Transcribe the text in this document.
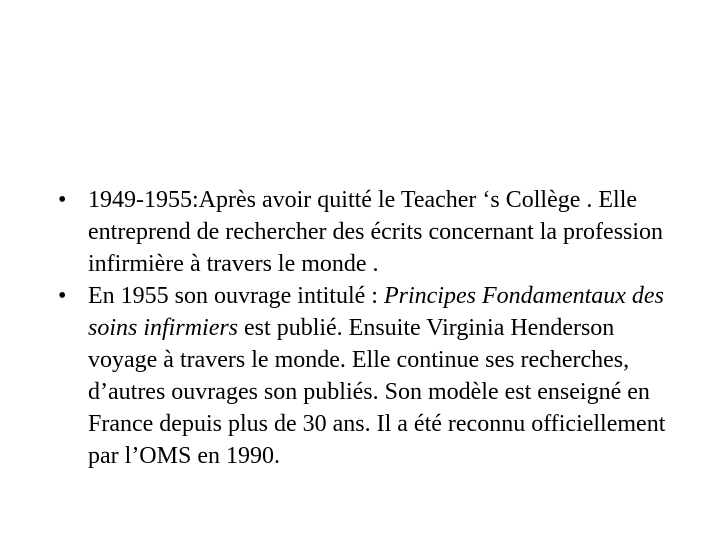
• 1949-1955:Après avoir quitté le Teacher ‘s Collège . Elle entreprend de rechercher des écrits concernant la profession infirmière à travers le monde .
• En 1955 son ouvrage intitulé : Principes Fondamentaux des soins infirmiers est publié. Ensuite Virginia Henderson voyage à travers le monde. Elle continue ses recherches, d’autres ouvrages son publiés. Son modèle est enseigné en France depuis plus de 30 ans. Il a été reconnu officiellement par l’OMS en 1990.
